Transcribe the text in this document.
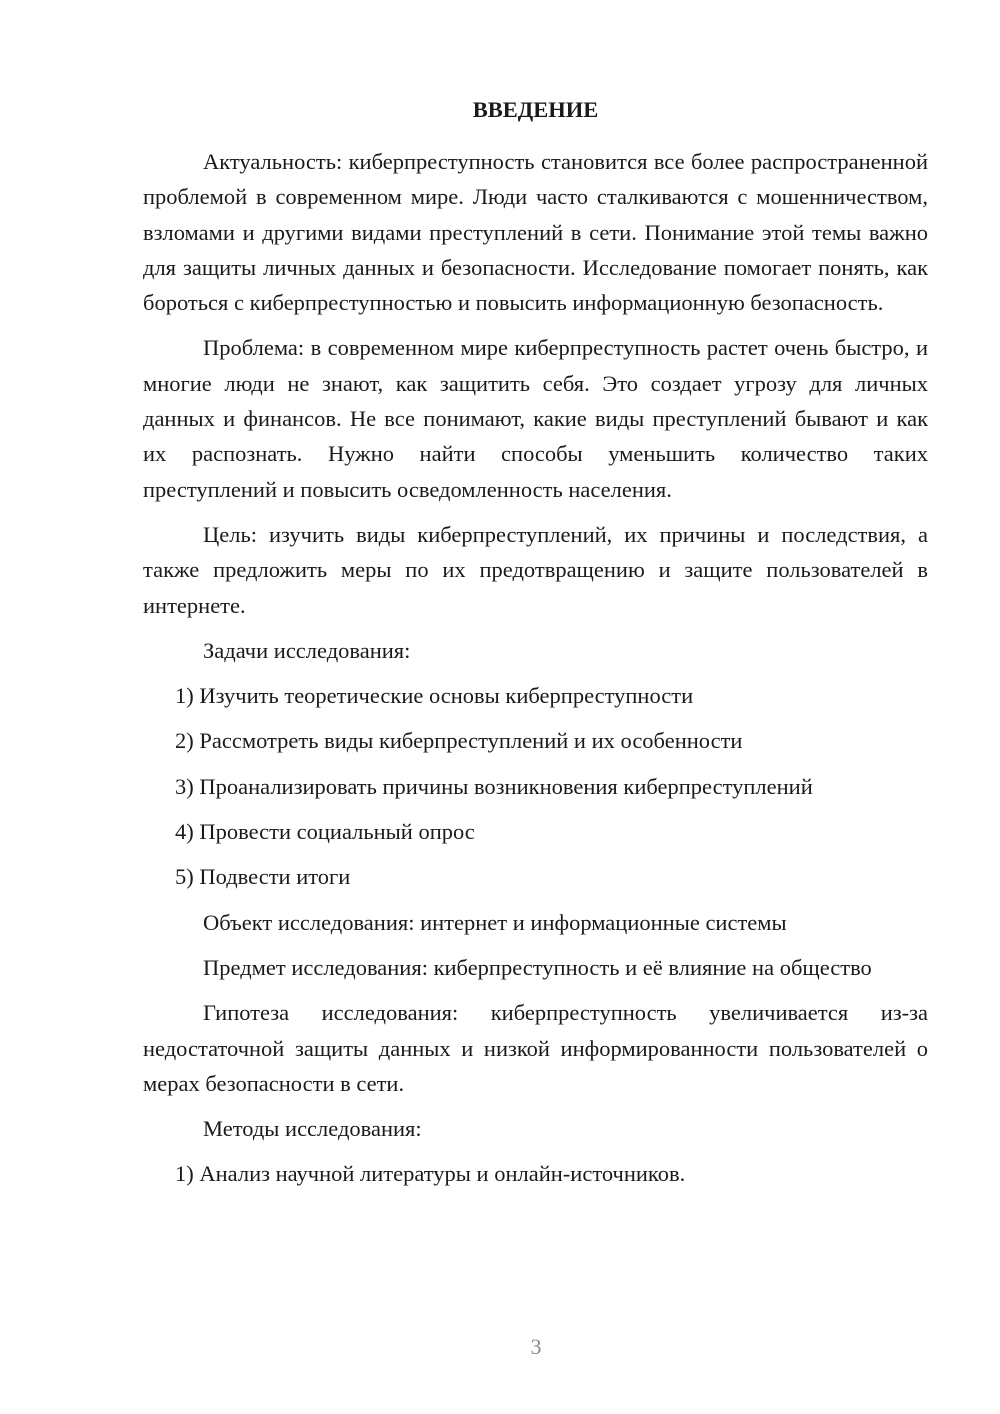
ВВЕДЕНИЕ

Актуальность: киберпреступность становится все более распространенной проблемой в современном мире. Люди часто сталкиваются с мошенничеством, взломами и другими видами преступлений в сети. Понимание этой темы важно для защиты личных данных и безопасности. Исследование помогает понять, как бороться с киберпреступностью и повысить информационную безопасность.

Проблема: в современном мире киберпреступность растет очень быстро, и многие люди не знают, как защитить себя. Это создает угрозу для личных данных и финансов. Не все понимают, какие виды преступлений бывают и как их распознать. Нужно найти способы уменьшить количество таких преступлений и повысить осведомленность населения.

Цель: изучить виды киберпреступлений, их причины и последствия, а также предложить меры по их предотвращению и защите пользователей в интернете.

Задачи исследования:

1) Изучить теоретические основы киберпреступности

2) Рассмотреть виды киберпреступлений и их особенности

3) Проанализировать причины возникновения киберпреступлений

4) Провести социальный опрос

5) Подвести итоги

Объект исследования: интернет и информационные системы

Предмет исследования: киберпреступность и её влияние на общество

Гипотеза исследования: киберпреступность увеличивается из-за недостаточной защиты данных и низкой информированности пользователей о мерах безопасности в сети.

Методы исследования:

1) Анализ научной литературы и онлайн-источников.

3
